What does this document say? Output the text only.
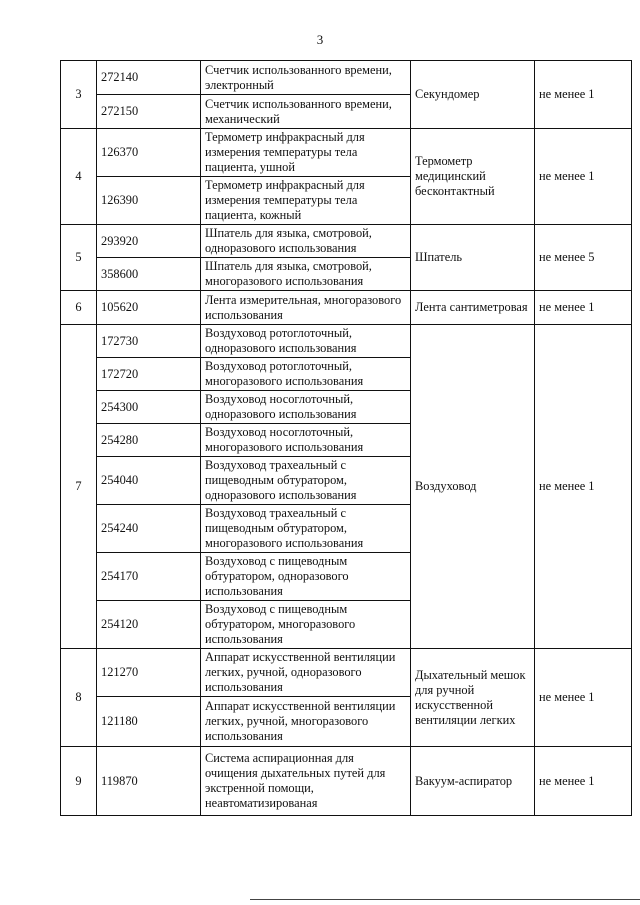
3
3	272140	Счетчик использованного времени, электронный	Секундомер	не менее 1
	272150	Счетчик использованного времени, механический		
4	126370	Термометр инфракрасный для измерения температуры тела пациента, ушной	Термометр медицинский бесконтактный	не менее 1
	126390	Термометр инфракрасный для измерения температуры тела пациента, кожный		
5	293920	Шпатель для языка, смотровой, одноразового использования	Шпатель	не менее 5
	358600	Шпатель для языка, смотровой, многоразового использования		
6	105620	Лента измерительная, многоразового использования	Лента сантиметровая	не менее 1
7	172730	Воздуховод ротоглоточный, одноразового использования	Воздуховод	не менее 1
	172720	Воздуховод ротоглоточный, многоразового использования		
	254300	Воздуховод носоглоточный, одноразового использования		
	254280	Воздуховод носоглоточный, многоразового использования		
	254040	Воздуховод трахеальный с пищеводным обтуратором, одноразового использования		
	254240	Воздуховод трахеальный с пищеводным обтуратором, многоразового использования		
	254170	Воздуховод с пищеводным обтуратором, одноразового использования		
	254120	Воздуховод с пищеводным обтуратором, многоразового использования		
8	121270	Аппарат искусственной вентиляции легких, ручной, одноразового использования	Дыхательный мешок для ручной искусственной вентиляции легких	не менее 1
	121180	Аппарат искусственной вентиляции легких, ручной, многоразового использования		
9	119870	Система аспирационная для очищения дыхательных путей для экстренной помощи, неавтоматизированая	Вакуум-аспиратор	не менее 1
